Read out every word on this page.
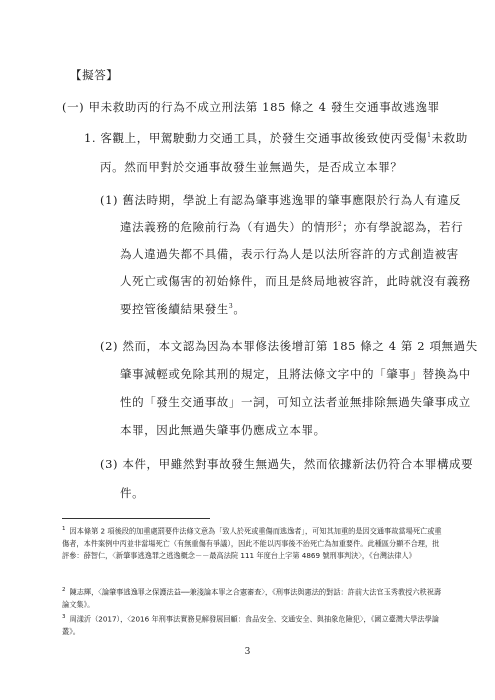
【擬答】
(一) 甲未救助丙的行為不成立刑法第 185 條之 4 發生交通事故逃逸罪
1. 客觀上，甲駕駛動力交通工具，於發生交通事故後致使丙受傷$^1$未救助
丙。然而甲對於交通事故發生並無過失，是否成立本罪？
(1) 舊法時期，學說上有認為肇事逃逸罪的肇事應限於行為人有違反
違法義務的危險前行為（有過失）的情形$^2$；亦有學說認為，若行
為人違過失都不具備，表示行為人是以法所容許的方式創造被害
人死亡或傷害的初始條件，而且是終局地被容許，此時就沒有義務
要控管後續結果發生$^3$。
(2) 然而，本文認為因為本罪修法後增訂第 185 條之 4 第 2 項無過失
肇事減輕或免除其刑的規定，且將法條文字中的「肇事」替換為中
性的「發生交通事故」一詞，可知立法者並無排除無過失肇事成立
本罪，因此無過失肇事仍應成立本罪。
(3) 本件，甲雖然對事故發生無過失，然而依據新法仍符合本罪構成要
件。
$^1$ 因本條第 2 項後段的加重處罰要件法條文意為「致人於死或重傷而逃逸者」，可知其加重的是因交通事故當場死亡或重傷者，本件案例中丙並非當場死亡（有無重傷有爭議），因此不能以丙事後不治死亡為加重要件。此種區分顯不合理，批評參：薛智仁，〈新肇事逃逸罪之逃逸概念－－最高法院 111 年度台上字第 4869 號刑事判決〉，《台灣法律人》
$^2$ 陳志輝，〈論肇事逃逸罪之保護法益──兼淺論本罪之合憲審查〉，《刑事法與憲法的對話：許前大法官玉秀教授六秩祝壽論文集》。
$^3$ 周漾沂（2017），〈2016 年刑事法實務見解發展回顧：食品安全、交通安全、與抽象危險犯〉，《國立臺灣大學法學論叢》。
3
